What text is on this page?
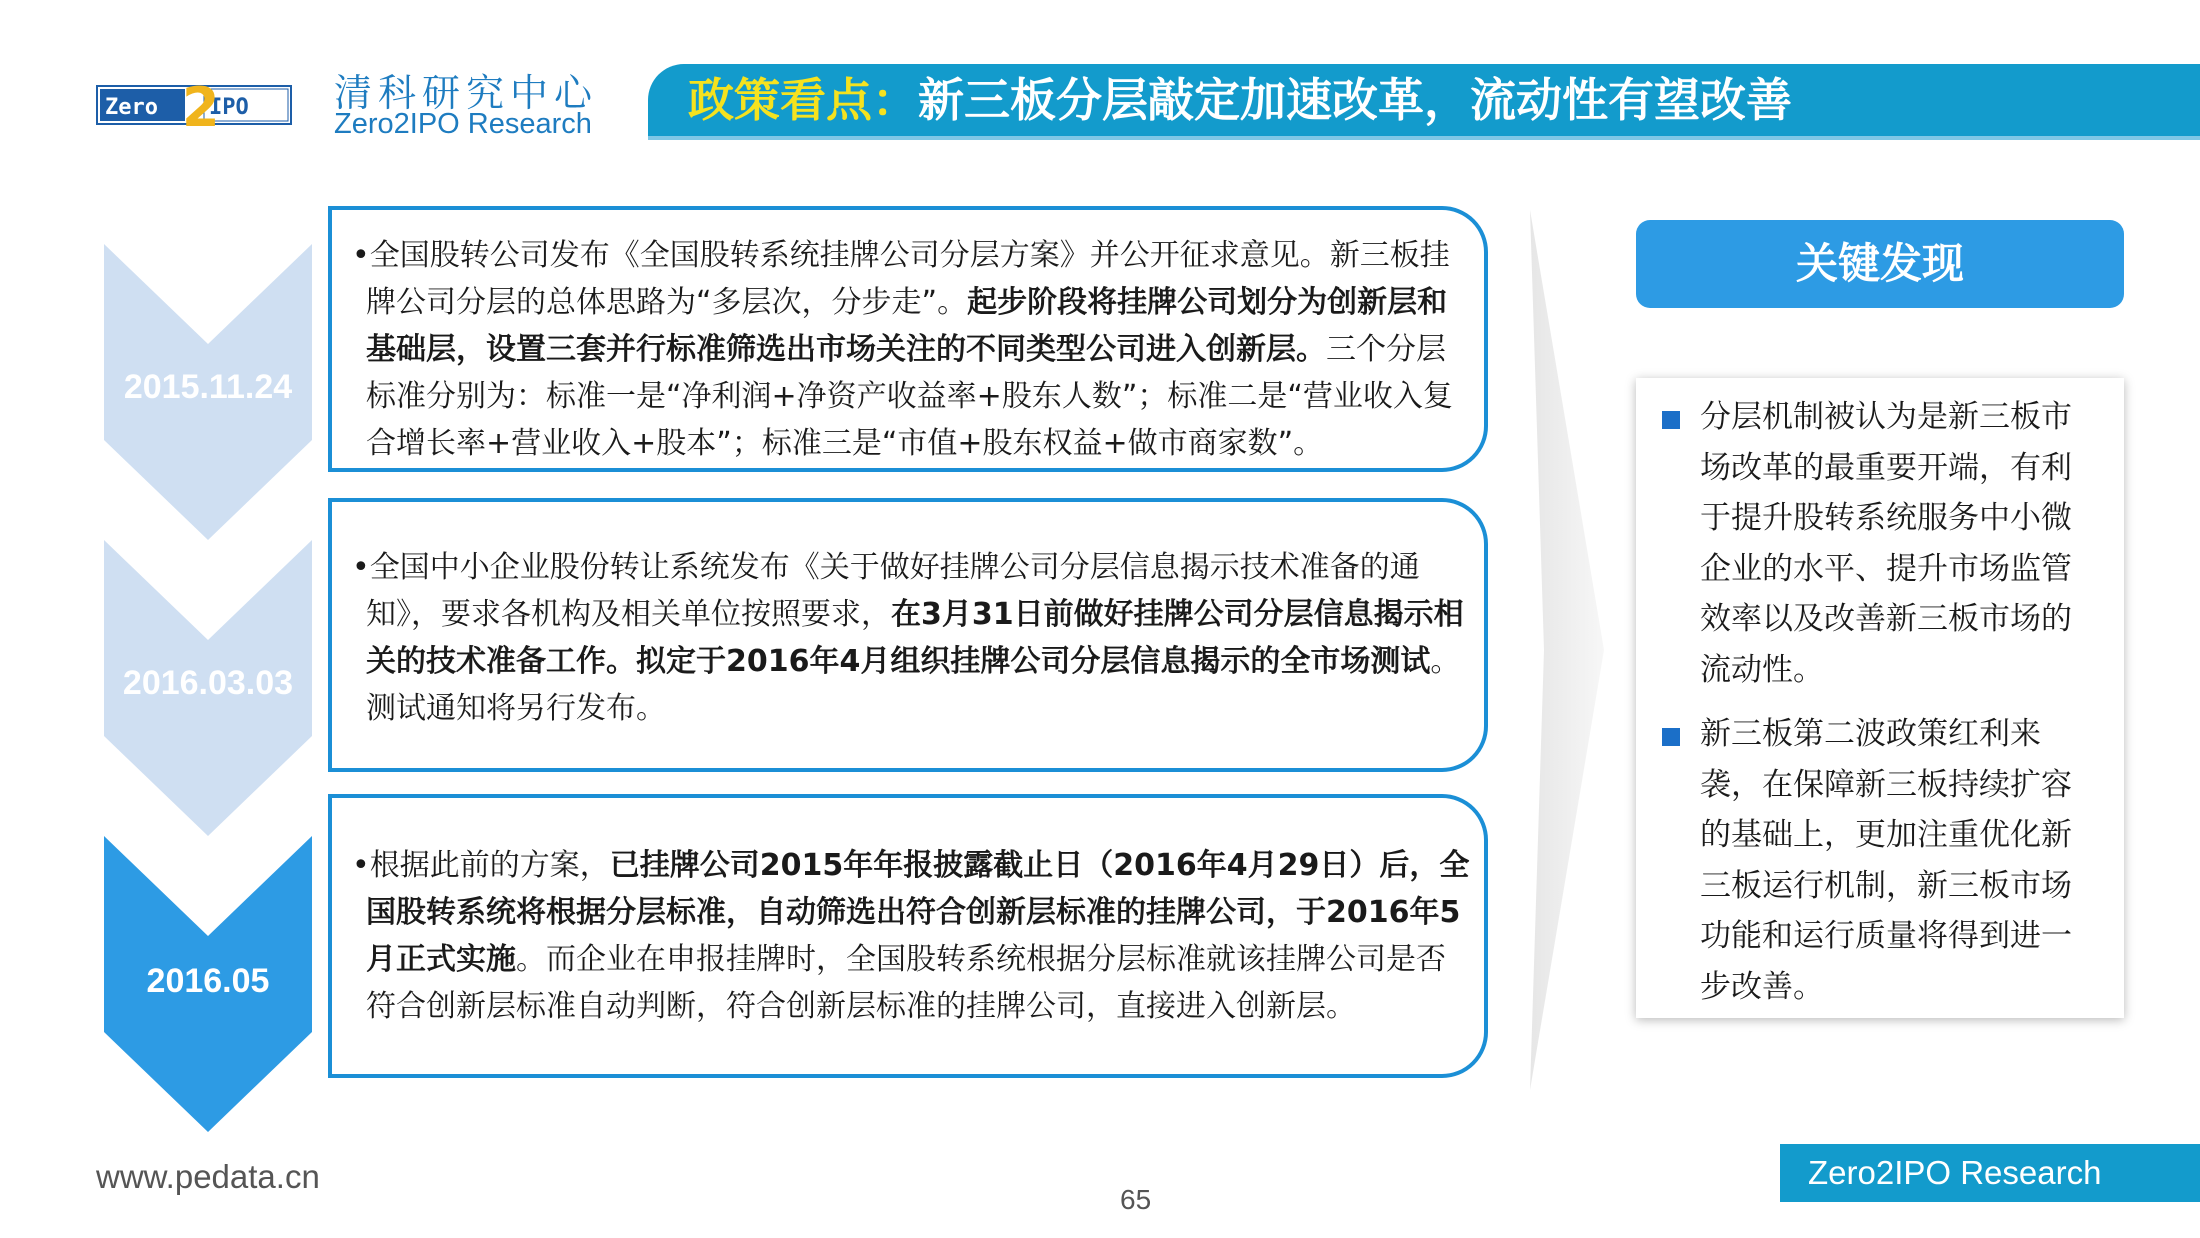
Zero IPO
2	清科研究中心
Zero2IPO Research 政策看点：新三板分层敲定加速改革，流动性有望改善
2015.11.24
2016.03.03
2016.05

•全国股转公司发布《全国股转系统挂牌公司分层方案》并公开征求意见。新三板挂牌公司分层的总体思路为“多层次，分步走”。起步阶段将挂牌公司划分为创新层和基础层，设置三套并行标准筛选出市场关注的不同类型公司进入创新层。三个分层标准分别为：标准一是“净利润+净资产收益率+股东人数”；标准二是“营业收入复合增长率+营业收入+股本”；标准三是“市值+股东权益+做市商家数”。

•全国中小企业股份转让系统发布《关于做好挂牌公司分层信息揭示技术准备的通知》，要求各机构及相关单位按照要求，在3月31日前做好挂牌公司分层信息揭示相关的技术准备工作。拟定于2016年4月组织挂牌公司分层信息揭示的全市场测试。测试通知将另行发布。

•根据此前的方案，已挂牌公司2015年年报披露截止日（2016年4月29日）后，全国股转系统将根据分层标准，自动筛选出符合创新层标准的挂牌公司，于2016年5月正式实施。而企业在申报挂牌时，全国股转系统根据分层标准就该挂牌公司是否符合创新层标准自动判断，符合创新层标准的挂牌公司，直接进入创新层。

关键发现
分层机制被认为是新三板市场改革的最重要开端，有利于提升股转系统服务中小微企业的水平、提升市场监管效率以及改善新三板市场的流动性。
新三板第二波政策红利来袭，在保障新三板持续扩容的基础上，更加注重优化新三板运行机制，新三板市场功能和运行质量将得到进一步改善。
www.pedata.cn
65
Zero2IPO Research
